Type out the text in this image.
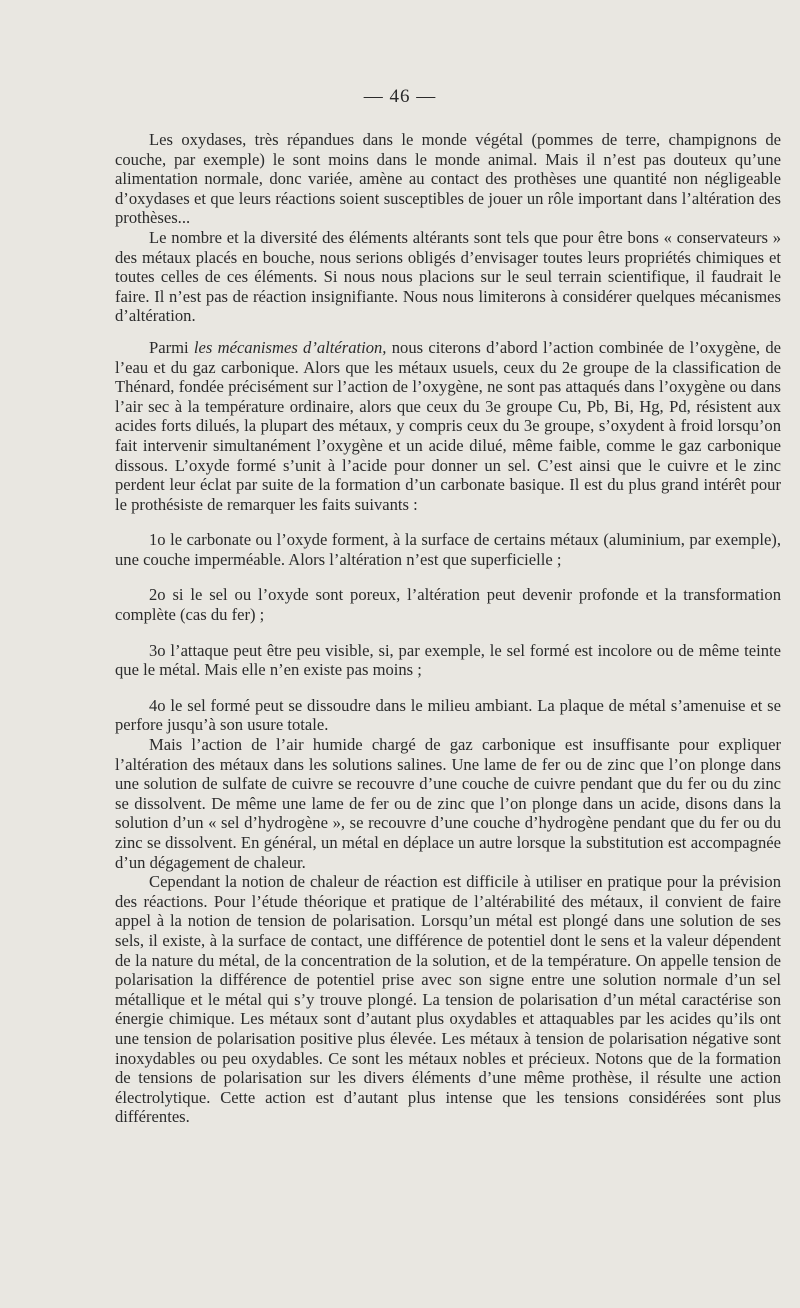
— 46 —

Les oxydases, très répandues dans le monde végétal (pommes de terre, champignons de couche, par exemple) le sont moins dans le monde animal. Mais il n’est pas douteux qu’une alimentation normale, donc variée, amène au contact des prothèses une quantité non négligeable d’oxydases et que leurs réactions soient susceptibles de jouer un rôle important dans l’altération des prothèses...

Le nombre et la diversité des éléments altérants sont tels que pour être bons « conservateurs » des métaux placés en bouche, nous serions obligés d’envisager toutes leurs propriétés chimiques et toutes celles de ces éléments. Si nous nous placions sur le seul terrain scientifique, il faudrait le faire. Il n’est pas de réaction insignifiante. Nous nous limiterons à considérer quelques mécanismes d’altération.

Parmi les mécanismes d’altération, nous citerons d’abord l’action combinée de l’oxygène, de l’eau et du gaz carbonique. Alors que les métaux usuels, ceux du 2e groupe de la classification de Thénard, fondée précisément sur l’action de l’oxygène, ne sont pas attaqués dans l’oxygène ou dans l’air sec à la température ordinaire, alors que ceux du 3e groupe Cu, Pb, Bi, Hg, Pd, résistent aux acides forts dilués, la plupart des métaux, y compris ceux du 3e groupe, s’oxydent à froid lorsqu’on fait intervenir simultanément l’oxygène et un acide dilué, même faible, comme le gaz carbonique dissous. L’oxyde formé s’unit à l’acide pour donner un sel. C’est ainsi que le cuivre et le zinc perdent leur éclat par suite de la formation d’un carbonate basique. Il est du plus grand intérêt pour le prothésiste de remarquer les faits suivants :

1o le carbonate ou l’oxyde forment, à la surface de certains métaux (aluminium, par exemple), une couche imperméable. Alors l’altération n’est que superficielle ;

2o si le sel ou l’oxyde sont poreux, l’altération peut devenir profonde et la transformation complète (cas du fer) ;

3o l’attaque peut être peu visible, si, par exemple, le sel formé est incolore ou de même teinte que le métal. Mais elle n’en existe pas moins ;

4o le sel formé peut se dissoudre dans le milieu ambiant. La plaque de métal s’amenuise et se perfore jusqu’à son usure totale.

Mais l’action de l’air humide chargé de gaz carbonique est insuffisante pour expliquer l’altération des métaux dans les solutions salines. Une lame de fer ou de zinc que l’on plonge dans une solution de sulfate de cuivre se recouvre d’une couche de cuivre pendant que du fer ou du zinc se dissolvent. De même une lame de fer ou de zinc que l’on plonge dans un acide, disons dans la solution d’un « sel d’hydrogène », se recouvre d’une couche d’hydrogène pendant que du fer ou du zinc se dissolvent. En général, un métal en déplace un autre lorsque la substitution est accompagnée d’un dégagement de chaleur.

Cependant la notion de chaleur de réaction est difficile à utiliser en pratique pour la prévision des réactions. Pour l’étude théorique et pratique de l’altérabilité des métaux, il convient de faire appel à la notion de tension de polarisation. Lorsqu’un métal est plongé dans une solution de ses sels, il existe, à la surface de contact, une différence de potentiel dont le sens et la valeur dépendent de la nature du métal, de la concentration de la solution, et de la température. On appelle tension de polarisation la différence de potentiel prise avec son signe entre une solution normale d’un sel métallique et le métal qui s’y trouve plongé. La tension de polarisation d’un métal caractérise son énergie chimique. Les métaux sont d’autant plus oxydables et attaquables par les acides qu’ils ont une tension de polarisation positive plus élevée. Les métaux à tension de polarisation négative sont inoxydables ou peu oxydables. Ce sont les métaux nobles et précieux. Notons que de la formation de tensions de polarisation sur les divers éléments d’une même prothèse, il résulte une action électrolytique. Cette action est d’autant plus intense que les tensions considérées sont plus différentes.
